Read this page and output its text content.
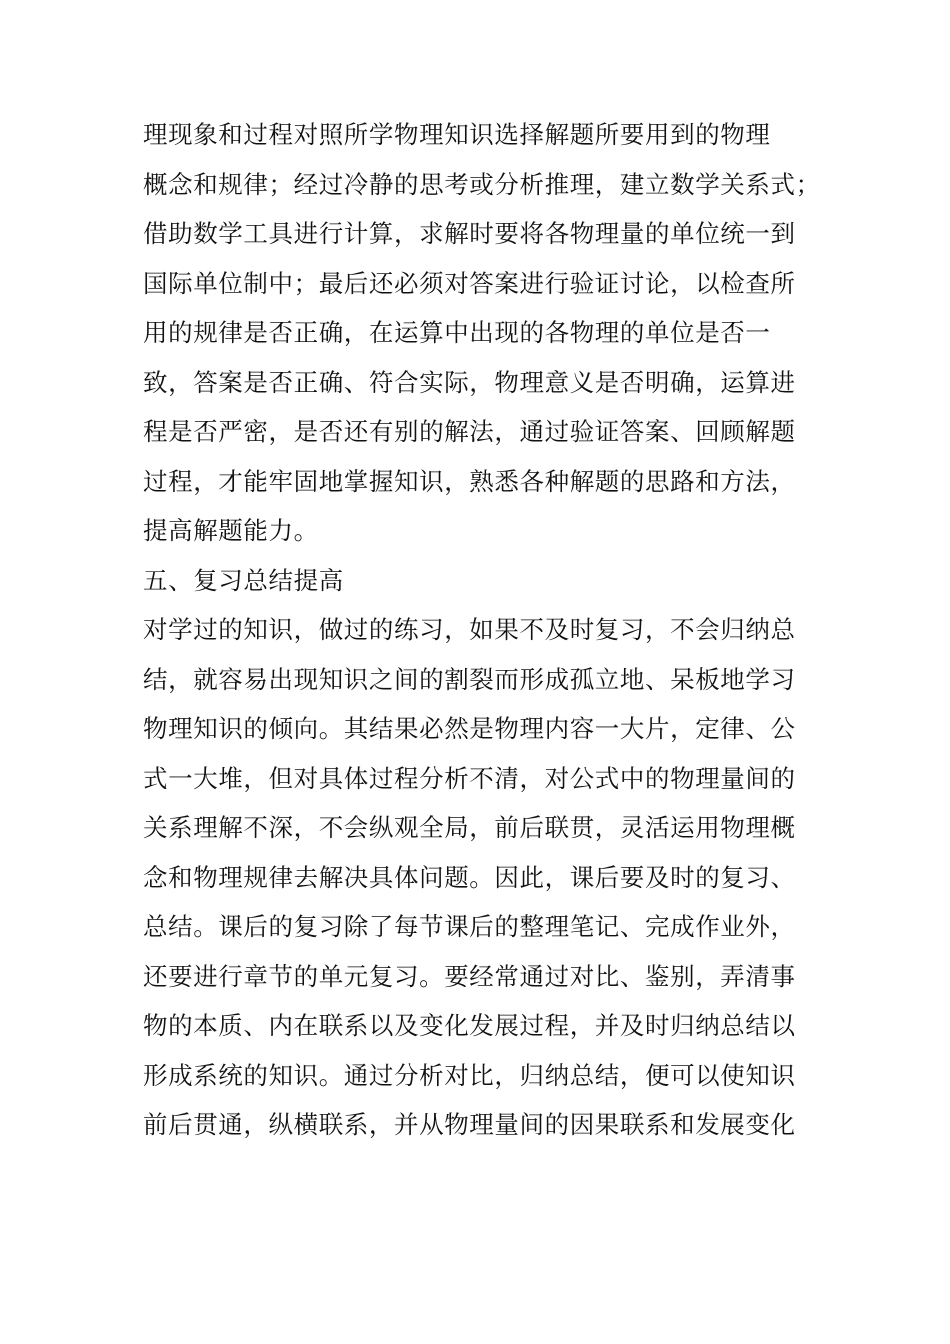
理现象和过程对照所学物理知识选择解题所要用到的物理
概念和规律；经过冷静的思考或分析推理，建立数学关系式；
借助数学工具进行计算，求解时要将各物理量的单位统一到
国际单位制中；最后还必须对答案进行验证讨论，以检查所
用的规律是否正确，在运算中出现的各物理的单位是否一
致，答案是否正确、符合实际，物理意义是否明确，运算进
程是否严密，是否还有别的解法，通过验证答案、回顾解题
过程，才能牢固地掌握知识，熟悉各种解题的思路和方法，
提高解题能力。
五、复习总结提高
对学过的知识，做过的练习，如果不及时复习，不会归纳总
结，就容易出现知识之间的割裂而形成孤立地、呆板地学习
物理知识的倾向。其结果必然是物理内容一大片，定律、公
式一大堆，但对具体过程分析不清，对公式中的物理量间的
关系理解不深，不会纵观全局，前后联贯，灵活运用物理概
念和物理规律去解决具体问题。因此，课后要及时的复习、
总结。课后的复习除了每节课后的整理笔记、完成作业外，
还要进行章节的单元复习。要经常通过对比、鉴别，弄清事
物的本质、内在联系以及变化发展过程，并及时归纳总结以
形成系统的知识。通过分析对比，归纳总结，便可以使知识
前后贯通，纵横联系，并从物理量间的因果联系和发展变化
